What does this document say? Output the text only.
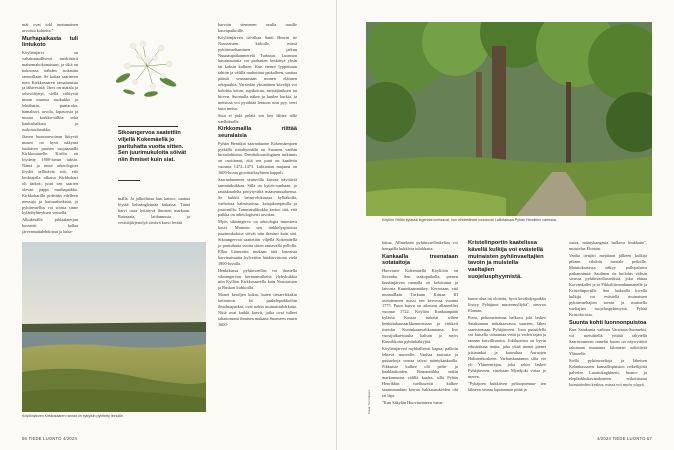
mät ovat tokl tuntumatsen arvoista kohteita."

Murhapaikasta tuli lintukoto

Köyliönjärvi on valtakunnallisesti merkittävä maisemakokonaisuus, ja siliä on kokoonsa nähden isokautta rannoillaan. Se kattaa saarineen noin Kirkkosaaren ramatamista ja lähivesistä. Järvi on matala ja rehevöitynyt, siellä viihtyvät muun muassa suukukko ja lehtähattu, puntaroka, hamahuvi, arvolu, lapasorsta ja muuta kurkku-sälliia sekä kaulushaikara ja ruskosuohaukka.

Järven luontoarvoinan liittyvät museo on hyvä näkymä tuulutsen puusen suojaamalla Kirkkosaarelle. Kirilta on löydetty 1800-luvun tuksia. Nämä ja muut arkeologiset löydöt sellittävät sitä, että keskiajalla alkaisa Kirkkokari oli tärkeä; juuri sen saarten olevan pappi murhapaikka. Kirkkokarilla pidetään edelleen messuja ja hartaushetkistä, ja pyhiinvaellus voi sousta sinne kylänhyhteyksen vensellä.

Alkukesällä pihlaalaterjan kossertti kallaa järveamattalehdoissa ja haka-

Sikoangervoa saatettiin viljellä Kokemäellä jo parituhatta vuotta sitten. Sen juurimukuloita söivät niin ihmiset kuin siat.

mällä. Ja jalkoihissa kun katsoo, saattaa löytää keltaängleimää kukassa. Tämä harvi osaa lyttittyvä ihmisen markaan. Rairaaata, laidunnosta ja vesistöjärjestelyä sietävä kasvi leviää

harvoin siemenen avulla uusille kasvupaikoille.

Köyliönjärven itä-alkaa Santi Henrin tie Nousiaisten kirkolle, missä pyhiinvaeltaminen jatkuu Nuunaupaikanmerelä Turkuun. Luonnon havainnointia voi parhaiten keskittyä yksin tai kaksin kulkien. Kun etenee lyppöisaan tahtiin ja välillä rauhoittuu paikalleen, saattaa päästä seuraamaan monen eläimen arkipuuhia. Varsinkin yksinäinen kävelijä voi kohdata ketun, supikoiran, metsäjäniksen tai hirven. Suomalla näkee ja kuulee kurkia, ja metsissä voi pyrähtää lentoon niin pyy, teeri kuin metso.

Suta ei pidä pelätä sen keu lähtee tälle vaellukselle.

Kirkkomailla riittää seuralaisia

Pyhän Henrikin saarnahuone Kokemäenjoen pytkällä ruttaltyönällä on Suomen vanhin birstaluhtoma. Dendrokronologinen tutkimus on osoittanut, että sen puut on kaadettu vuosina 1472–1473. Luhtiaitan mujama on 1600-luvun groottiaikayhteen kappeli.

Saarnahuoneen seutuvilla kasvaa näyttäviä tammiaksikkaa. Sillä on kyttös-vanhaan, jo rautakaudelta periytyvältä maaseutusaluensa. Se kukkii heinä-elokuussa kylkäkolla, varhoissa kalmistoissa, katajakompeulla ja joutoniilla. Tummatulikukka kertoo sitä, että paikka on arkeologisesti arvokas.

Myös sikoangervo on arkeologia innostava kasvi. Muinoin sen tärkkelyspitoisia juurimukuloita söivät niin ihmiset kuin siat. Sikoangervoa saattettiin viljellä Kokemäellä jo parituhatta vuotta sitten rautavalla pellolla. Ellaa Lönnrotin mukaan tätä loneaista harvinaisuutta kylvettiin hänkärvistona vielä 1800-luvulla.

Henkikussa pyhiinvaellus voi ihastella sikoangervon kermanvalkeita ylyhykukkia niin Kylliön Kirkkosaarella kuin Nousiaisten ja Ruskon kirkkoilla.

Monet keroljen kukat, kuten tiesarelskakin kotiutuvat kö paahdepaikkoihin ilmolmapaikat, ovat nekin muinaistulokkaita. Niitä ovat kaikki kasvit, jotka ovat tulleet tahattomasti ihmisen mukana Suomeen ennen 1600-

Köyliönjärven Kirkkosaaren rannat on nykyisin pyhitetty linnuille.
56 TIEDE LUONTO 4/2024
Köyliön Yttilän kylässä legendat kohtaavat, kun vihdettähdet muistuvat Lallintaksaa Pyhän Henrikien varressa.
Kuvat: Tomi Ojanen

lukua. Allmeksen pyhiinvaelluskeltaa voi bongailla kukkivia tulokkaita.

Kankaalla treenataan sotataitoja

Huovinrie Kokemäellä Köyliöön on ikivanha. Sen taakopaikalla, pienen linnäinjärven rannalla on kelottunut ja latvosta Kuninkaanmäkey. Kerrotaan, että muinaillaan Turkuun Kustaa III asetutteneen asrssi sen kervessa vuonna 1775. Puun kasvu on aiheutut allaneelliet vuonna 1722. Köyliön Kankaanpään kylässä Kustaa tarkasti siihen henkittakaussarkkemmistaan ja virkkeit itseiskn Kuninkaanvalikonaansa. Itse vuosijulkaestuulta kaltuin ja myös Kuusikkoiia pyhiinkäktyjitä.

Köyliönjärved myhkälleesti kapua, palkoin lehtevä museolle. Vanhaa asutusta ja puutarhoja seuraa talvat mäntykankaalla. Pikkuiste kulkee olti peltö- ja haaklaukoiden. Romanttikka onkin markamuona välillä kaalea, sillä Pyhän Henrikkin vaellusreitti kulkee sasammankim kerran hakkauaukeiden ohi tai läpi.

"Kun Säkylän Huovinrinteen varus-

Kristelinportin kaatelissa kävellä kulkija voi evästellä muinaisten pyhiinvaeltajien tavoin ja muistella vaeltajien suojelusphyymistä.

kunta-alue on olotettu, hyvä kevähdyspaikka löytyy Pyhäjuon museomyllyltä", neuvoo Eloman.

Pieni, peltomaisemaa halkova joki laskee Satakunnan mittakaavassa suureen, lähes saaristomaan Pyhäjärveen. Joen puustilella voi katsella virtaamaa vettä ja veden rajan ja rannan kasvillisuutta. Jokiluontoa on hyvin edustettuna mutta, joka yltää monet pienet jokiaunkat ja kaavaltaa Auraojen Halistenkoskeen. Varhaiskantanon sifta vie yli Yläneenrajon, joka sekin laskee Pyhäjärveen, vinettaan Myndjoki virtaa jo meren.

"Pyhäjoen kukkiiven peltoopiennar- ten läkseen seuraa luputannan pitää ja

suora, mäntykangasta halkova biukkatie", muistelaa Eloman.

Vanha tienjäri mejätaan jälkeen kulkija pikaen vihdoin meriale peiloille. Maastokartassa näkyy pallopaluiva paikannimiä: Saulinen on luolohis välisin sivussa pyhiinvaellusreitistä, joka ehttaa Koivankallet ja se Pikkaliiteaanhunnanelle ja Kristelinportille. Sen laakealla kivellä kulkija voi evästellä muinaisten pyhiinvaeltajien tavoin ja muistella vaeltajien suojeluspyhimystä, Pyhää Kristoforosta.

Suunta kohti luonnonpuistoa

Kun Satakunta vaihtuu Varsinais-Suomeksi, voi metsätiellä yrittää tähytellä Saaristomeren onnelin kuten on näyrryttävä taloinaan muutama kilometri aaltoitietä Yläneelle.

Siellä pyhiinvaeltaja ja läheisen Kelankassaren kansallispuiston retkeilijöitä palvelee Luontokaghinetti, luonto- ja elepläskkokavarakoneen erikoistunut luontotieden keskus, missä voi myös yöpyä.

4/2024 TIEDE LUONTO 57
